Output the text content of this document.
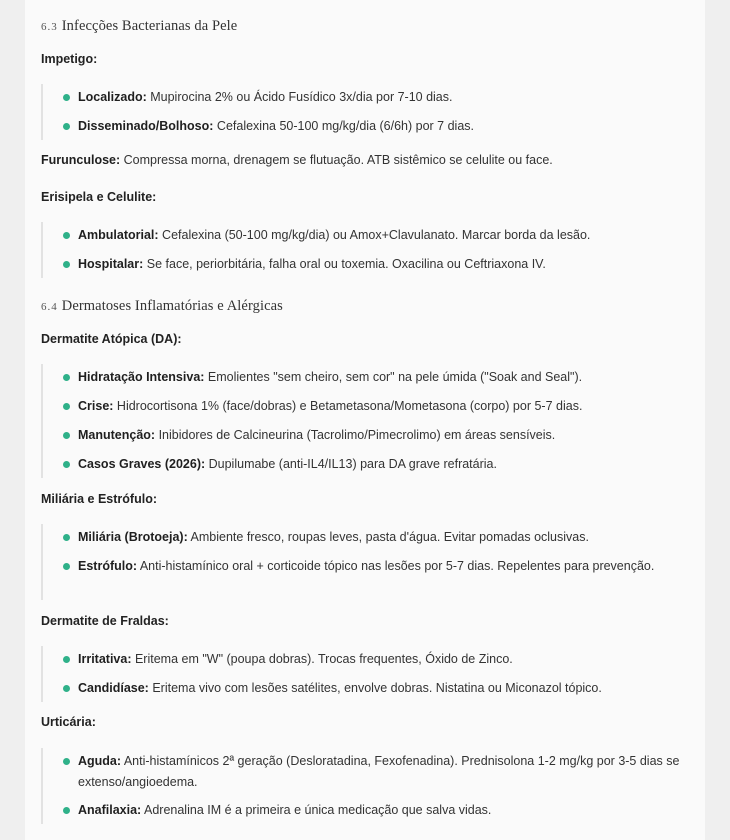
6.3 Infecções Bacterianas da Pele
Impetigo:
Localizado: Mupirocina 2% ou Ácido Fusídico 3x/dia por 7-10 dias.
Disseminado/Bolhoso: Cefalexina 50-100 mg/kg/dia (6/6h) por 7 dias.
Furunculose: Compressa morna, drenagem se flutuação. ATB sistêmico se celulite ou face.
Erisipela e Celulite:
Ambulatorial: Cefalexina (50-100 mg/kg/dia) ou Amox+Clavulanato. Marcar borda da lesão.
Hospitalar: Se face, periorbitária, falha oral ou toxemia. Oxacilina ou Ceftriaxona IV.
6.4 Dermatoses Inflamatórias e Alérgicas
Dermatite Atópica (DA):
Hidratação Intensiva: Emolientes "sem cheiro, sem cor" na pele úmida ("Soak and Seal").
Crise: Hidrocortisona 1% (face/dobras) e Betametasona/Mometasona (corpo) por 5-7 dias.
Manutenção: Inibidores de Calcineurina (Tacrolimo/Pimecrolimo) em áreas sensíveis.
Casos Graves (2026): Dupilumabe (anti-IL4/IL13) para DA grave refratária.
Miliária e Estrófulo:
Miliária (Brotoeja): Ambiente fresco, roupas leves, pasta d'água. Evitar pomadas oclusivas.
Estrófulo: Anti-histamínico oral + corticoide tópico nas lesões por 5-7 dias. Repelentes para prevenção.
Dermatite de Fraldas:
Irritativa: Eritema em "W" (poupa dobras). Trocas frequentes, Óxido de Zinco.
Candidíase: Eritema vivo com lesões satélites, envolve dobras. Nistatina ou Miconazol tópico.
Urticária:
Aguda: Anti-histamínicos 2ª geração (Desloratadina, Fexofenadina). Prednisolona 1-2 mg/kg por 3-5 dias se extenso/angioedema.
Anafilaxia: Adrenalina IM é a primeira e única medicação que salva vidas.
